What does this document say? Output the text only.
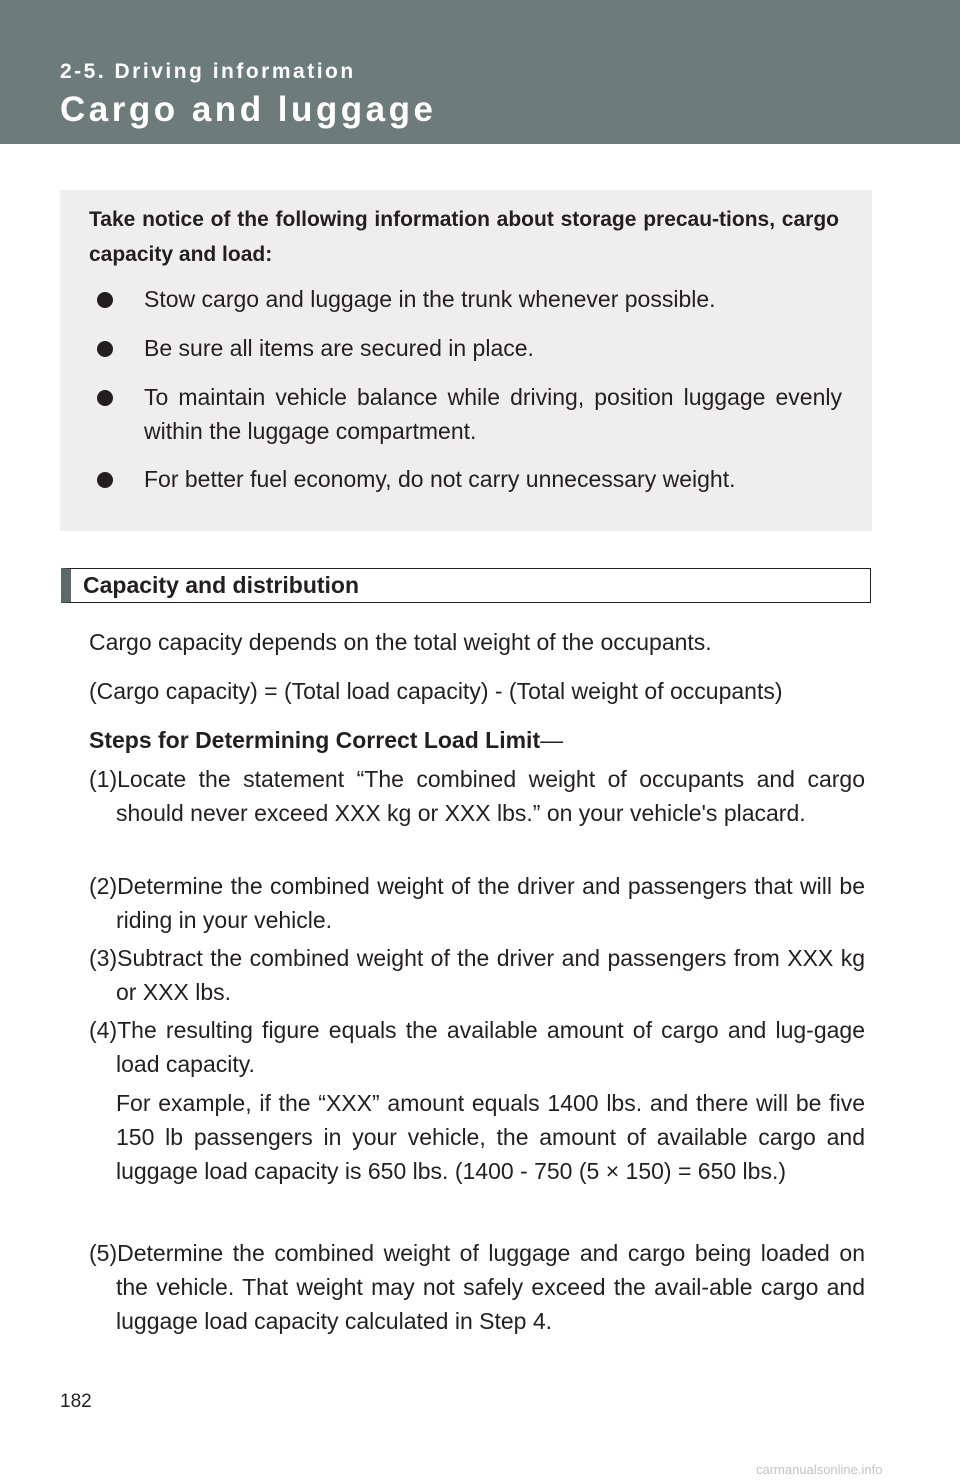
2-5. Driving information
Cargo and luggage
Take notice of the following information about storage precau-tions, cargo capacity and load:
Stow cargo and luggage in the trunk whenever possible.
Be sure all items are secured in place.
To maintain vehicle balance while driving, position luggage evenly within the luggage compartment.
For better fuel economy, do not carry unnecessary weight.
Capacity and distribution
Cargo capacity depends on the total weight of the occupants.
(Cargo capacity) = (Total load capacity) - (Total weight of occupants)
Steps for Determining Correct Load Limit—
(1)Locate the statement “The combined weight of occupants and cargo should never exceed XXX kg or XXX lbs.” on your vehicle's placard.
(2)Determine the combined weight of the driver and passengers that will be riding in your vehicle.
(3)Subtract the combined weight of the driver and passengers from XXX kg or XXX lbs.
(4)The resulting figure equals the available amount of cargo and lug-gage load capacity.
For example, if the “XXX” amount equals 1400 lbs. and there will be five 150 lb passengers in your vehicle, the amount of available cargo and luggage load capacity is 650 lbs. (1400 - 750 (5 × 150) = 650 lbs.)
(5)Determine the combined weight of luggage and cargo being loaded on the vehicle. That weight may not safely exceed the avail-able cargo and luggage load capacity calculated in Step 4.
182
carmanualsonline.info
